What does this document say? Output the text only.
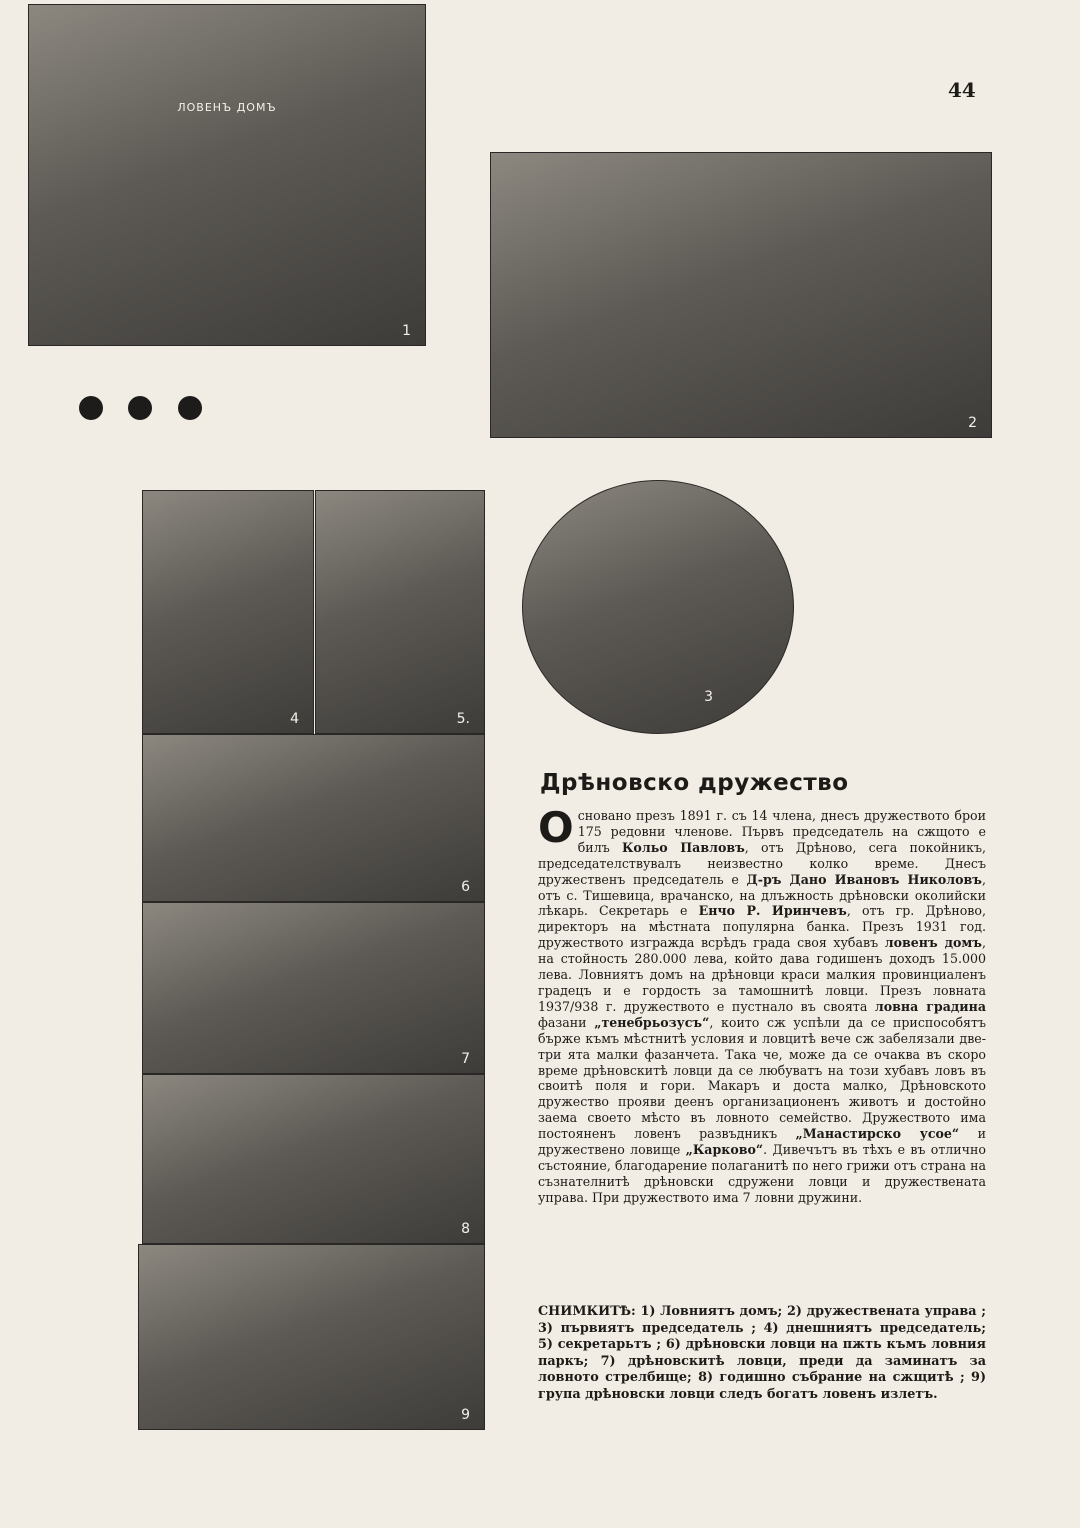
44
ЛОВЕНЪ ДОМЪ
1
2
4	5.
3
6
7
8
9
Дрѣновско дружество

Основано презъ 1891 г. съ 14 члена, днесъ дружеството брои 175 редовни членове. Първъ председатель на сжщото е билъ Кольо Павловъ, отъ Дрѣново, сега покойникъ, председателствувалъ неизвестно колко време. Днесъ дружественъ председатель е Д-ръ Дано Ивановъ Николовъ, отъ с. Тишевица, врачанско, на длъжность дрѣновски околийски лѣкарь. Секретарь е Енчо Р. Иринчевъ, отъ гр. Дрѣново, директоръ на мѣстната популярна банка. Презъ 1931 год. дружеството изгражда всрѣдъ града своя хубавъ ловенъ домъ, на стойность 280.000 лева, който дава годишенъ доходъ 15.000 лева. Ловниятъ домъ на дрѣновци краси малкия провинциаленъ градецъ и е гордость за тамошнитѣ ловци. Презъ ловната 1937/938 г. дружеството е пустнало въ своята ловна градина фазани „тенебрьозусъ“, които сж успѣли да се приспособятъ бърже къмъ мѣстнитѣ условия и ловцитѣ вече сж забелязали две-три ята малки фазанчета. Така че, може да се очаква въ скоро време дрѣновскитѣ ловци да се любуватъ на този хубавъ ловъ въ своитѣ поля и гори. Макаръ и доста малко, Дрѣновското дружество прояви деенъ организационенъ животъ и достойно заема своето мѣсто въ ловното семейство. Дружеството има постояненъ ловенъ развъдникъ „Манастирско усое“ и дружествено ловище „Карково“. Дивечътъ въ тѣхъ е въ отлично състояние, благодарение полаганитѣ по него грижи отъ страна на съзнателнитѣ дрѣновски сдружени ловци и дружествената управа. При дружеството има 7 ловни дружини.

СНИМКИТѢ: 1) Ловниятъ домъ; 2) дружествената управа ; 3) първиятъ председатель ; 4) днешниятъ председатель; 5) секретарьтъ ; 6) дрѣновски ловци на пжть къмъ ловния паркъ; 7) дрѣновскитѣ ловци, преди да заминатъ за ловното стрелбище; 8) годишно събрание на сжщитѣ ; 9) група дрѣновски ловци следъ богатъ ловенъ излетъ.
